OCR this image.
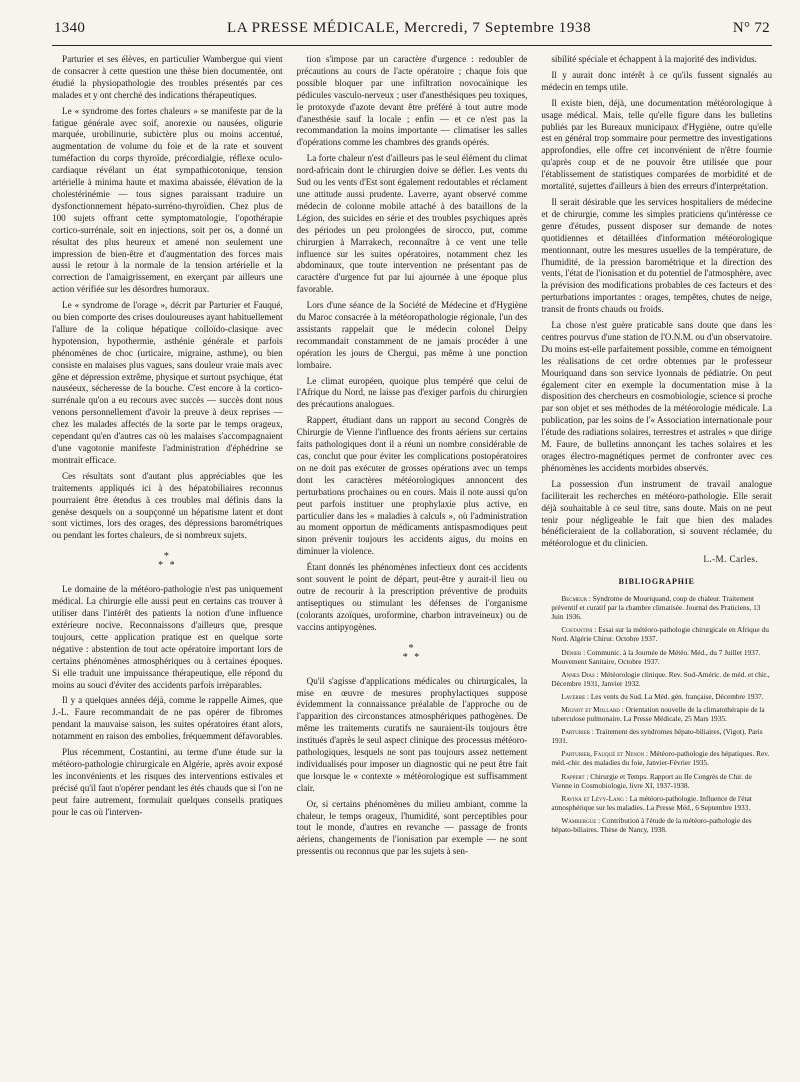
1340	LA PRESSE MÉDICALE, Mercredi, 7 Septembre 1938	N° 72

Parturier et ses élèves, en particulier Wambergue qui vient de consacrer à cette question une thèse bien documentée, ont étudié la physiopathologie des troubles présentés par ces malades et y ont cherché des indications thérapeutiques.

Le « syndrome des fortes chaleurs » se manifeste par de la fatigue générale avec soif, anorexie ou nausées, oligurie marquée, urobilinurie, subictère plus ou moins accentué, augmentation de volume du foie et de la rate et souvent tuméfaction du corps thyroïde, précordialgie, réflexe oculo-cardiaque révélant un état sympathicotonique, tension artérielle à minima haute et maxima abaissée, élévation de la cholestérinémie — tous signes paraissant traduire un dysfonctionnement hépato-surréno-thyroïdien. Chez plus de 100 sujets offrant cette symptomatologie, l'opothérapie cortico-surrénale, soit en injections, soit per os, a donné un résultat des plus heureux et amené non seulement une impression de bien-être et d'augmentation des forces mais aussi le retour à la normale de la tension artérielle et la correction de l'amaigrissement, en exerçant par ailleurs une action vérifiée sur les désordres humoraux.

Le « syndrome de l'orage », décrit par Parturier et Fauqué, ou bien comporte des crises douloureuses ayant habituellement l'allure de la colique hépatique colloïdo-clasique avec hypotension, hypothermie, asthénie générale et parfois phénomènes de choc (urticaire, migraine, asthme), ou bien consiste en malaises plus vagues, sans douleur vraie mais avec gêne et dépression extrême, physique et surtout psychique, état nauséeux, sécheresse de la bouche. C'est encore à la cortico-surrénale qu'on a eu recours avec succès — succès dont nous venons personnellement d'avoir la preuve à deux reprises — chez les malades affectés de la sorte par le temps orageux, cependant qu'en d'autres cas où les malaises s'accompagnaient d'une vagotonie manifeste l'administration d'éphédrine se montrait efficace.

Ces résultats sont d'autant plus appréciables que les traitements appliqués ici à des hépatobiliaires reconnus pourraient être étendus à ces troubles mal définis dans la genèse desquels on a soupçonné un hépatisme latent et dont sont victimes, lors des orages, des dépressions barométriques ou pendant les fortes chaleurs, de si nombreux sujets.

*
* *

Le domaine de la météoro-pathologie n'est pas uniquement médical. La chirurgie elle aussi peut en certains cas trouver à utiliser dans l'intérêt des patients la notion d'une influence extérieure nocive. Reconnaissons d'ailleurs que, presque toujours, cette application pratique est en quelque sorte négative : abstention de tout acte opératoire important lors de certains phénomènes atmosphériques ou à certaines époques. Si elle traduit une impuissance thérapeutique, elle répond du moins au souci d'éviter des accidents parfois irréparables.

Il y a quelques années déjà, comme le rappelle Aimes, que J.-L. Faure recommandait de ne pas opérer de fibromes pendant la mauvaise saison, les suites opératoires étant alors, notamment en raison des embolies, fréquemment défavorables.

Plus récemment, Costantini, au terme d'une étude sur la météoro-pathologie chirurgicale en Algérie, après avoir exposé les inconvénients et les risques des interventions estivales et précisé qu'il faut n'opérer pendant les étés chauds que si l'on ne peut faire autrement, formulait quelques conseils pratiques pour le cas où l'interven-

tion s'impose par un caractère d'urgence : redoubler de précautions au cours de l'acte opératoire ; chaque fois que possible bloquer par une infiltration novocaïnique les pédicules vasculo-nerveux ; user d'anesthésiques peu toxiques, le protoxyde d'azote devant être préféré à tout autre mode d'anesthésie sauf la locale ; enfin — et ce n'est pas la recommandation la moins importante — climatiser les salles d'opérations comme les chambres des grands opérés.

La forte chaleur n'est d'ailleurs pas le seul élément du climat nord-africain dont le chirurgien doive se défier. Les vents du Sud ou les vents d'Est sont également redoutables et réclament une attitude aussi prudente. Laverre, ayant observé comme médecin de colonne mobile attaché à des bataillons de la Légion, des suicides en série et des troubles psychiques après des périodes un peu prolongées de sirocco, put, comme chirurgien à Marrakech, reconnaître à ce vent une telle influence sur les suites opératoires, notamment chez les abdominaux, que toute intervention ne présentant pas de caractère d'urgence fut par lui ajournée à une époque plus favorable.

Lors d'une séance de la Société de Médecine et d'Hygiène du Maroc consacrée à la météoropathologie régionale, l'un des assistants rappelait que le médecin colonel Delpy recommandait constamment de ne jamais procéder à une opération les jours de Chergui, pas même à une ponction lombaire.

Le climat européen, quoique plus tempéré que celui de l'Afrique du Nord, ne laisse pas d'exiger parfois du chirurgien des précautions analogues.

Rappert, étudiant dans un rapport au second Congrès de Chirurgie de Vienne l'influence des fronts aériens sur certains faits pathologiques dont il a réuni un nombre considérable de cas, conclut que pour éviter les complications postopératoires on ne doit pas exécuter de grosses opérations avec un temps dont les caractères météorologiques annoncent des perturbations prochaines ou en cours. Mais il note aussi qu'on peut parfois instituer une prophylaxie plus active, en particulier dans les « maladies à calculs », où l'administration au moment opportun de médicaments antispasmodiques peut sinon prévenir toujours les accidents aigus, du moins en diminuer la violence.

Étant donnés les phénomènes infectieux dont ces accidents sont souvent le point de départ, peut-être y aurait-il lieu ou outre de recourir à la prescription préventive de produits antiseptiques ou stimulant les défenses de l'organisme (colorants azoïques, uroformine, charbon intraveineux) ou de vaccins antipyogènes.

*
* *

Qu'il s'agisse d'applications médicales ou chirurgicales, la mise en œuvre de mesures prophylactiques suppose évidemment la connaissance préalable de l'approche ou de l'apparition des circonstances atmosphériques pathogènes. De même les traitements curatifs ne sauraient-ils toujours être institués d'après le seul aspect clinique des processus météoro-pathologiques, lesquels ne sont pas toujours assez nettement individualisés pour imposer un diagnostic qui ne peut être fait que lorsque le « contexte » météorologique est suffisamment clair.

Or, si certains phénomènes du milieu ambiant, comme la chaleur, le temps orageux, l'humidité, sont perceptibles pour tout le monde, d'autres en revanche — passage de fronts aériens, changements de l'ionisation par exemple — ne sont pressentis ou reconnus que par les sujets à sen-

sibilité spéciale et échappent à la majorité des individus.

Il y aurait donc intérêt à ce qu'ils fussent signalés au médecin en temps utile.

Il existe bien, déjà, une documentation météorologique à usage médical. Mais, telle qu'elle figure dans les bulletins publiés par les Bureaux municipaux d'Hygiène, outre qu'elle est en général trop sommaire pour permettre des investigations approfondies, elle offre cet inconvénient de n'être fournie qu'après coup et de ne pouvoir être utilisée que pour l'établissement de statistiques comparées de morbidité et de mortalité, sujettes d'ailleurs à bien des erreurs d'interprétation.

Il serait désirable que les services hospitaliers de médecine et de chirurgie, comme les simples praticiens qu'intéresse ce genre d'études, pussent disposer sur demande de notes quotidiennes et détaillées d'information météorologique mentionnant, outre les mesures usuelles de la température, de l'humidité, de la pression barométrique et la direction des vents, l'état de l'ionisation et du potentiel de l'atmosphère, avec la prévision des modifications probables de ces facteurs et des perturbations importantes : orages, tempêtes, chutes de neige, transit de fronts chauds ou froids.

La chose n'est guère praticable sans doute que dans les centres pourvus d'une station de l'O.N.M. ou d'un observatoire. Du moins est-elle parfaitement possible, comme en témoignent les réalisations de cet ordre obtenues par le professeur Mouriquand dans son service lyonnais de pédiatrie. On peut également citer en exemple la documentation mise à la disposition des chercheurs en cosmobiologie, science si proche par son objet et ses méthodes de la météorologie médicale. La publication, par les soins de l'« Association internationale pour l'étude des radiations solaires, terrestres et astrales » que dirige M. Faure, de bulletins annonçant les taches solaires et les orages électro-magnétiques permet de confronter avec ces phénomènes les accidents morbides observés.

La possession d'un instrument de travail analogue faciliterait les recherches en météoro-pathologie. Elle serait déjà souhaitable à ce seul titre, sans doute. Mais on ne peut tenir pour négligeable le fait que bien des malades bénéficieraient de la collaboration, si souvent réclamée, du météorologue et du clinicien.

L.-M. Carles.
BIBLIOGRAPHIE

Becmeur : Syndrome de Mouriquand, coup de chaleur. Traitement préventif et curatif par la chambre climatisée. Journal des Praticiens, 13 Juin 1936.

Costantini : Essai sur la météoro-pathologie chirurgicale en Afrique du Nord. Algérie Chirur. Octobre 1937.

Dénier : Communic. à la Journée de Météo. Méd., du 7 Juillet 1937. Mouvement Sanitaire, Octobre 1937.

Annes Dias : Météorologie clinique. Rev. Sud-Améric. de méd. et chir., Décembre 1931, Janvier 1932.

Laverre : Les vents du Sud. La Méd. gén. française, Décembre 1937.

Mignot et Mollard : Orientation nouvelle de la climatothérapie de la tuberculose pulmonaire. La Presse Médicale, 25 Mars 1935.

Parturier : Traitement des syndromes hépato-biliaires, (Vigot), Paris 1931.

Parturier, Fauqué et Nenon : Météoro-pathologie des hépatiques. Rev. méd.-chir. des maladies du foie, Janvier-Février 1935.

Rappert : Chirurgie et Temps. Rapport au IIe Congrès de Chir. de Vienne in Cosmobiologie, livre XI, 1937-1938.

Ravina et Lévy-Lang : La météoro-pathologie. Influence de l'état atmosphérique sur les maladies. La Presse Méd., 6 Septembre 1933.

Wambergue : Contribution à l'étude de la météoro-pathologie des hépato-biliaires. Thèse de Nancy, 1938.
